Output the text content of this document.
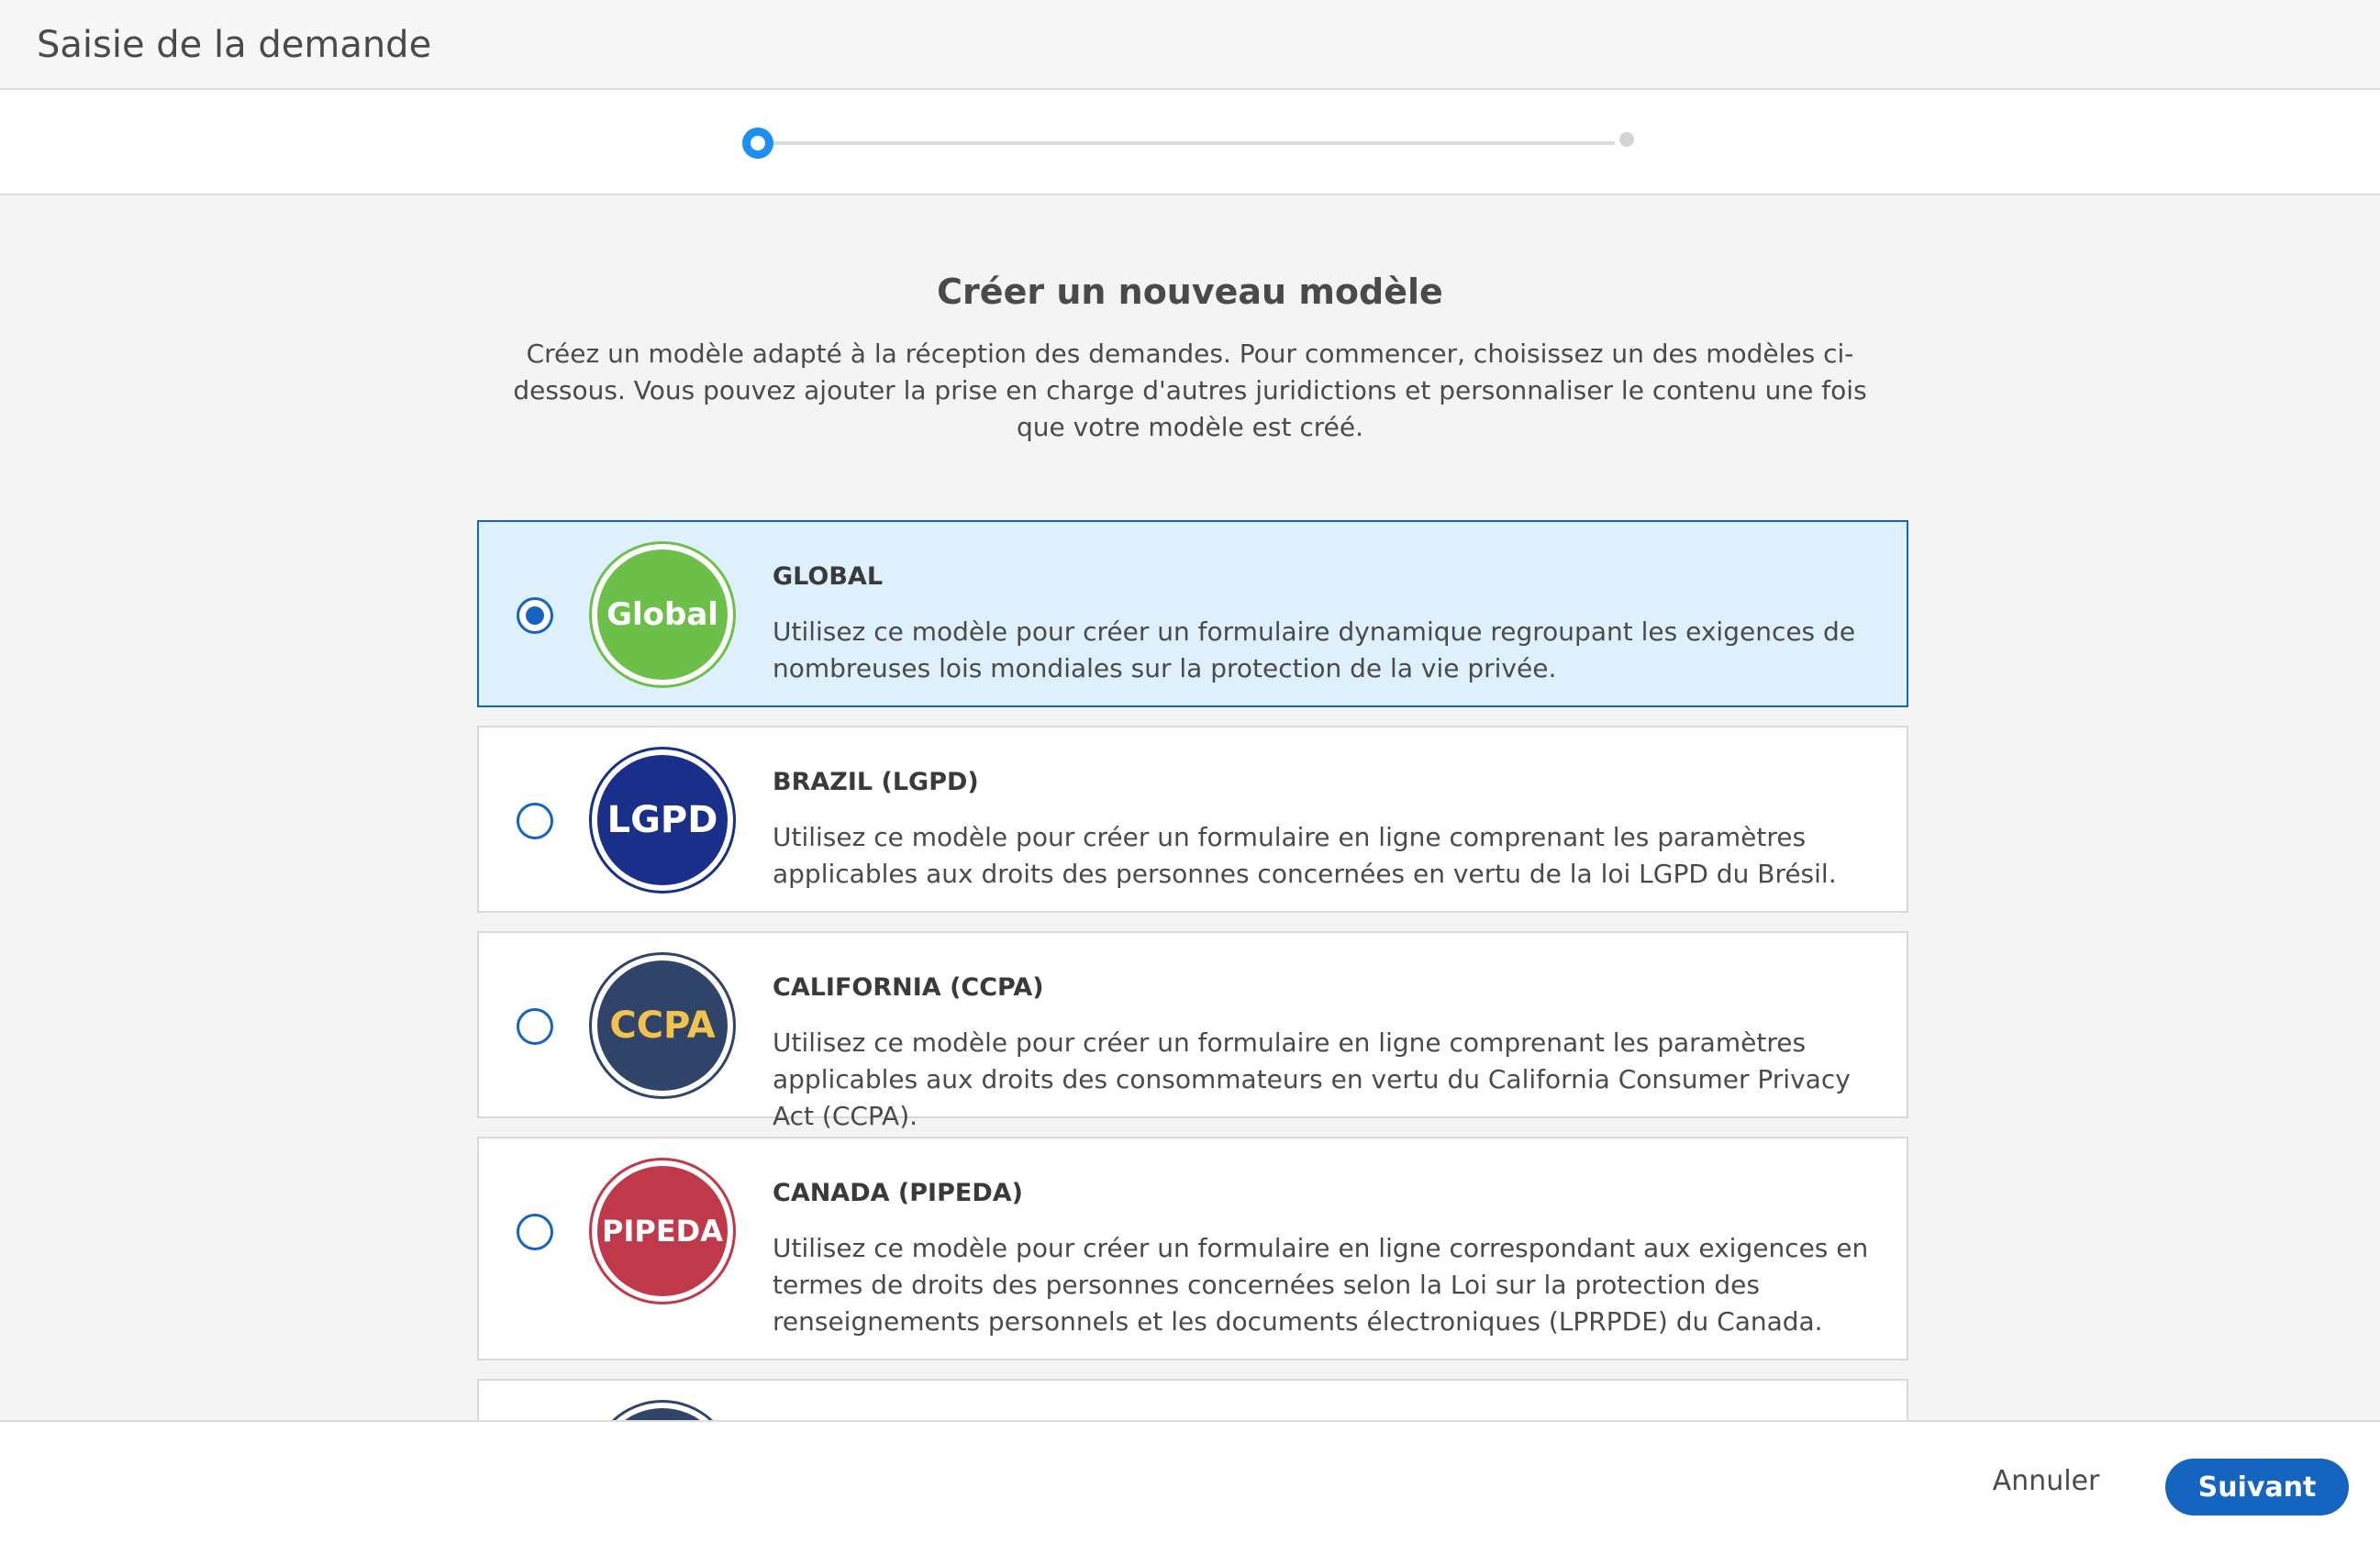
Saisie de la demande
Créer un nouveau modèle
Créez un modèle adapté à la réception des demandes. Pour commencer, choisissez un des modèles ci-dessous. Vous pouvez ajouter la prise en charge d'autres juridictions et personnaliser le contenu une fois que votre modèle est créé.
Global
GLOBAL
Utilisez ce modèle pour créer un formulaire dynamique regroupant les exigences de nombreuses lois mondiales sur la protection de la vie privée.
LGPD
BRAZIL (LGPD)
Utilisez ce modèle pour créer un formulaire en ligne comprenant les paramètres applicables aux droits des personnes concernées en vertu de la loi LGPD du Brésil.
CCPA
CALIFORNIA (CCPA)
Utilisez ce modèle pour créer un formulaire en ligne comprenant les paramètres applicables aux droits des consommateurs en vertu du California Consumer Privacy Act (CCPA).
PIPEDA
CANADA (PIPEDA)
Utilisez ce modèle pour créer un formulaire en ligne correspondant aux exigences en termes de droits des personnes concernées selon la Loi sur la protection des renseignements personnels et les documents électroniques (LPRPDE) du Canada.
Annuler	Suivant
